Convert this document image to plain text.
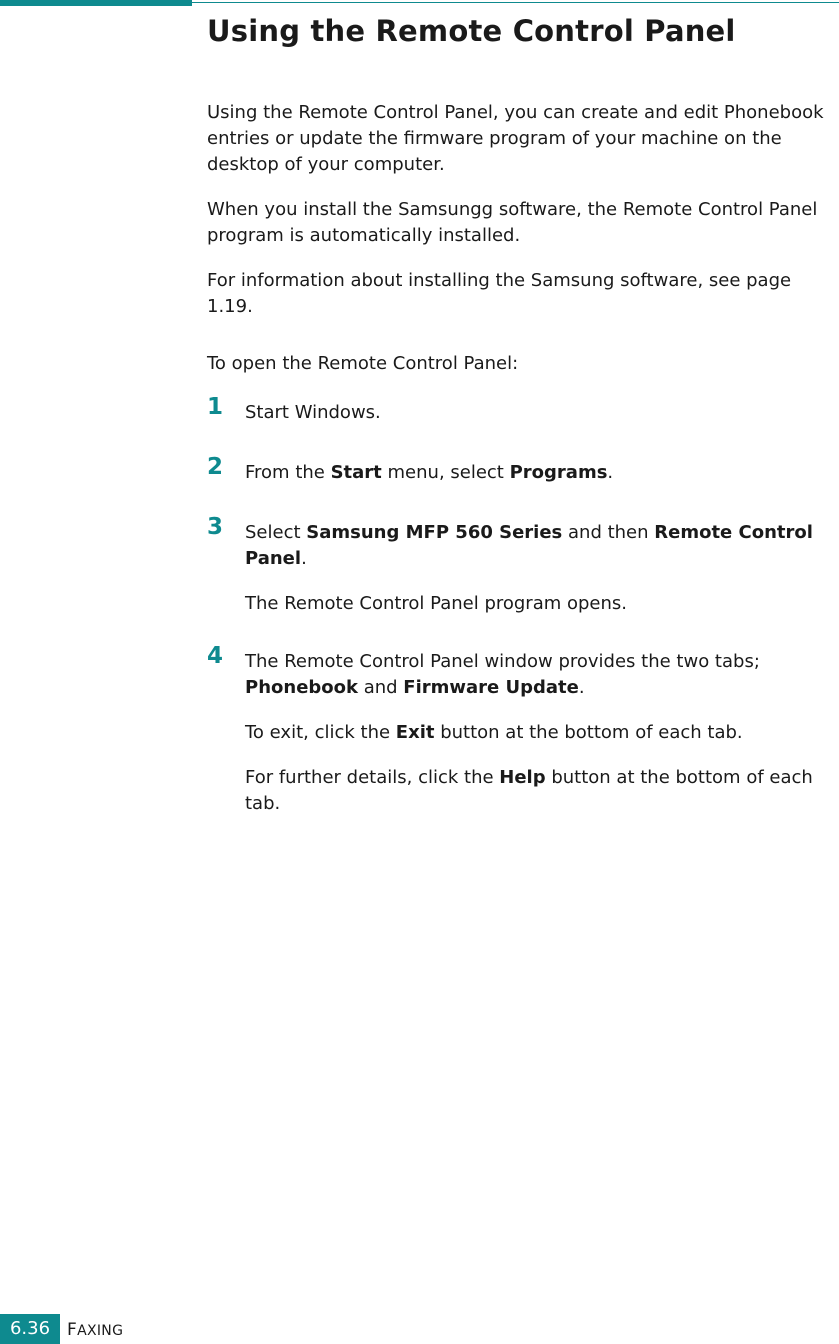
Using the Remote Control Panel

Using the Remote Control Panel, you can create and edit Phonebook entries or update the firmware program of your machine on the desktop of your computer.

When you install the Samsungg software, the Remote Control Panel program is automatically installed.

For information about installing the Samsung software, see page 1.19.

To open the Remote Control Panel:

1 Start Windows.

2 From the Start menu, select Programs.

3 Select Samsung MFP 560 Series and then Remote Control Panel.

The Remote Control Panel program opens.

4 The Remote Control Panel window provides the two tabs; Phonebook and Firmware Update.

To exit, click the Exit button at the bottom of each tab.

For further details, click the Help button at the bottom of each tab.

6.36 FAXING
